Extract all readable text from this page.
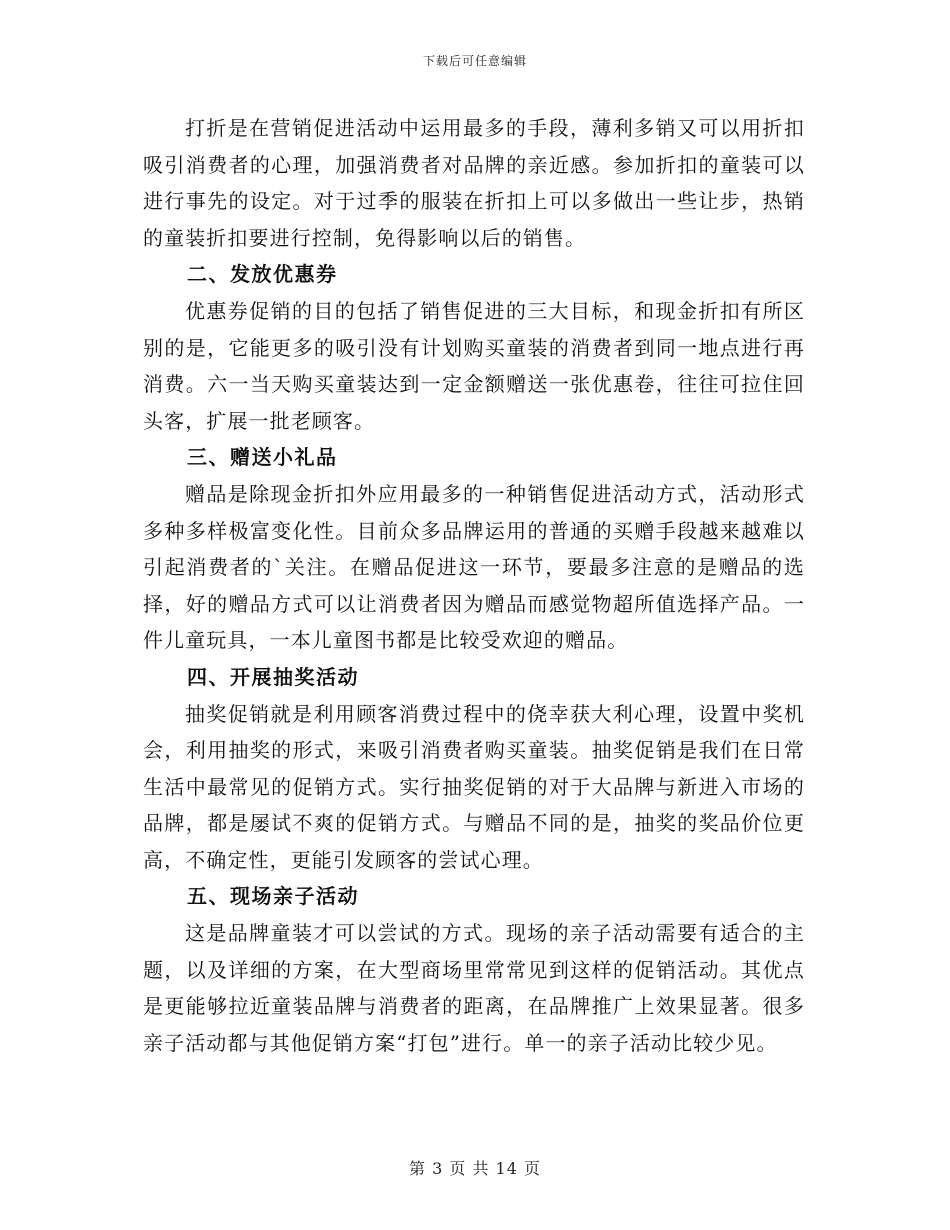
下载后可任意编辑

打折是在营销促进活动中运用最多的手段，薄利多销又可以用折扣吸引消费者的心理，加强消费者对品牌的亲近感。参加折扣的童装可以进行事先的设定。对于过季的服装在折扣上可以多做出一些让步，热销的童装折扣要进行控制，免得影响以后的销售。

二、发放优惠券

优惠券促销的目的包括了销售促进的三大目标，和现金折扣有所区别的是，它能更多的吸引没有计划购买童装的消费者到同一地点进行再消费。六一当天购买童装达到一定金额赠送一张优惠卷，往往可拉住回头客，扩展一批老顾客。

三、赠送小礼品

赠品是除现金折扣外应用最多的一种销售促进活动方式，活动形式多种多样极富变化性。目前众多品牌运用的普通的买赠手段越来越难以引起消费者的`关注。在赠品促进这一环节，要最多注意的是赠品的选择，好的赠品方式可以让消费者因为赠品而感觉物超所值选择产品。一件儿童玩具，一本儿童图书都是比较受欢迎的赠品。

四、开展抽奖活动

抽奖促销就是利用顾客消费过程中的侥幸获大利心理，设置中奖机会，利用抽奖的形式，来吸引消费者购买童装。抽奖促销是我们在日常生活中最常见的促销方式。实行抽奖促销的对于大品牌与新进入市场的品牌，都是屡试不爽的促销方式。与赠品不同的是，抽奖的奖品价位更高，不确定性，更能引发顾客的尝试心理。

五、现场亲子活动

这是品牌童装才可以尝试的方式。现场的亲子活动需要有适合的主题，以及详细的方案，在大型商场里常常见到这样的促销活动。其优点是更能够拉近童装品牌与消费者的距离，在品牌推广上效果显著。很多亲子活动都与其他促销方案“打包”进行。单一的亲子活动比较少见。

第 3 页 共 14 页
